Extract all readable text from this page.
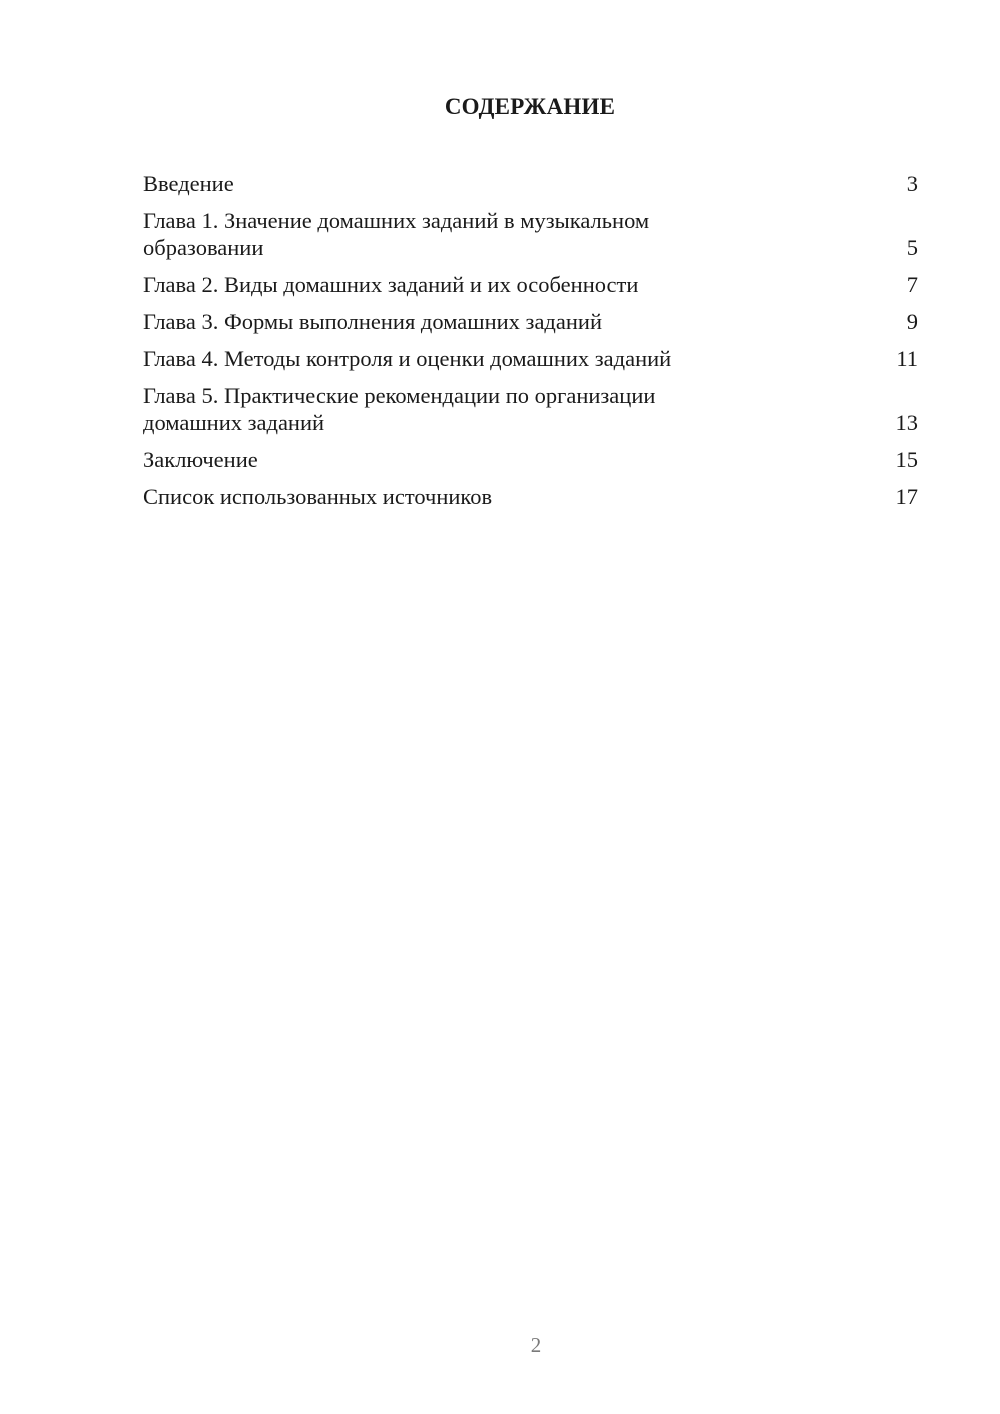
СОДЕРЖАНИЕ
Введение	3
Глава 1. Значение домашних заданий в музыкальном образовании	5
Глава 2. Виды домашних заданий и их особенности	7
Глава 3. Формы выполнения домашних заданий	9
Глава 4. Методы контроля и оценки домашних заданий	11
Глава 5. Практические рекомендации по организации домашних заданий	13
Заключение	15
Список использованных источников	17
2
